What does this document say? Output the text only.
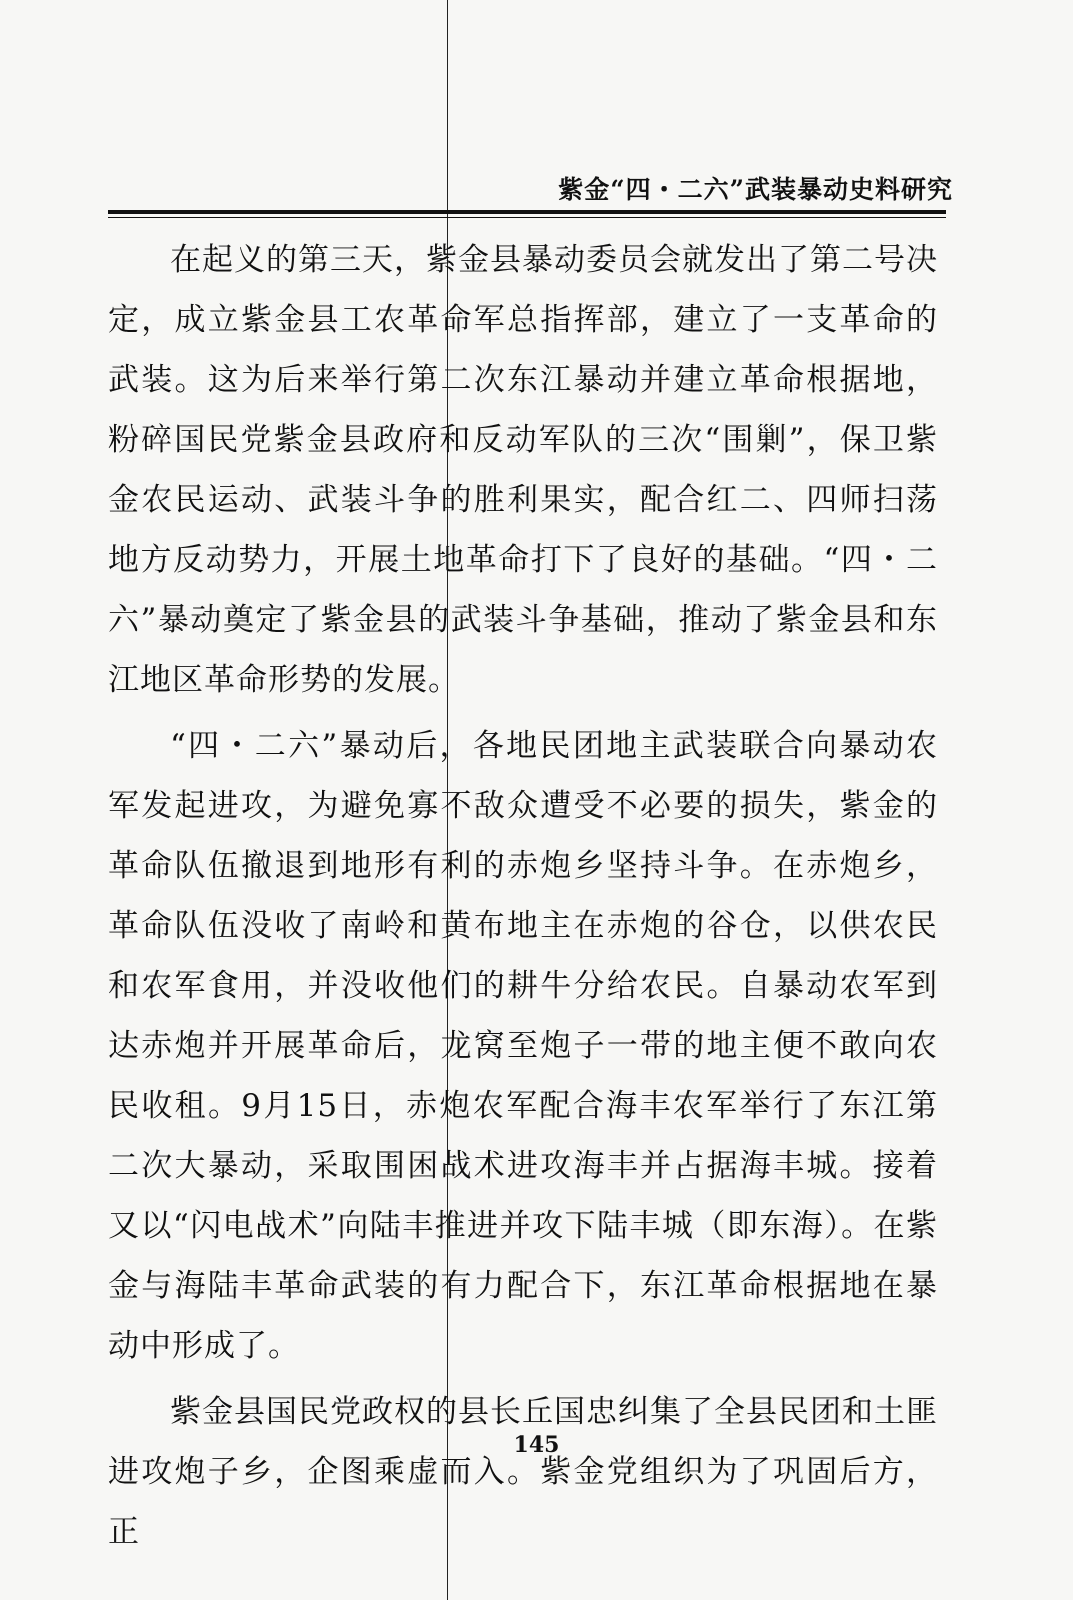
紫金“四・二六”武装暴动史料研究

在起义的第三天，紫金县暴动委员会就发出了第二号决定，成立紫金县工农革命军总指挥部，建立了一支革命的武装。这为后来举行第二次东江暴动并建立革命根据地，粉碎国民党紫金县政府和反动军队的三次“围剿”，保卫紫金农民运动、武装斗争的胜利果实，配合红二、四师扫荡地方反动势力，开展土地革命打下了良好的基础。“四・二六”暴动奠定了紫金县的武装斗争基础，推动了紫金县和东江地区革命形势的发展。

“四・二六”暴动后，各地民团地主武装联合向暴动农军发起进攻，为避免寡不敌众遭受不必要的损失，紫金的革命队伍撤退到地形有利的赤炮乡坚持斗争。在赤炮乡，革命队伍没收了南岭和黄布地主在赤炮的谷仓，以供农民和农军食用，并没收他们的耕牛分给农民。自暴动农军到达赤炮并开展革命后，龙窝至炮子一带的地主便不敢向农民收租。9月15日，赤炮农军配合海丰农军举行了东江第二次大暴动，采取围困战术进攻海丰并占据海丰城。接着又以“闪电战术”向陆丰推进并攻下陆丰城（即东海）。在紫金与海陆丰革命武装的有力配合下，东江革命根据地在暴动中形成了。

紫金县国民党政权的县长丘国忠纠集了全县民团和土匪进攻炮子乡，企图乘虚而入。紫金党组织为了巩固后方，正

145
